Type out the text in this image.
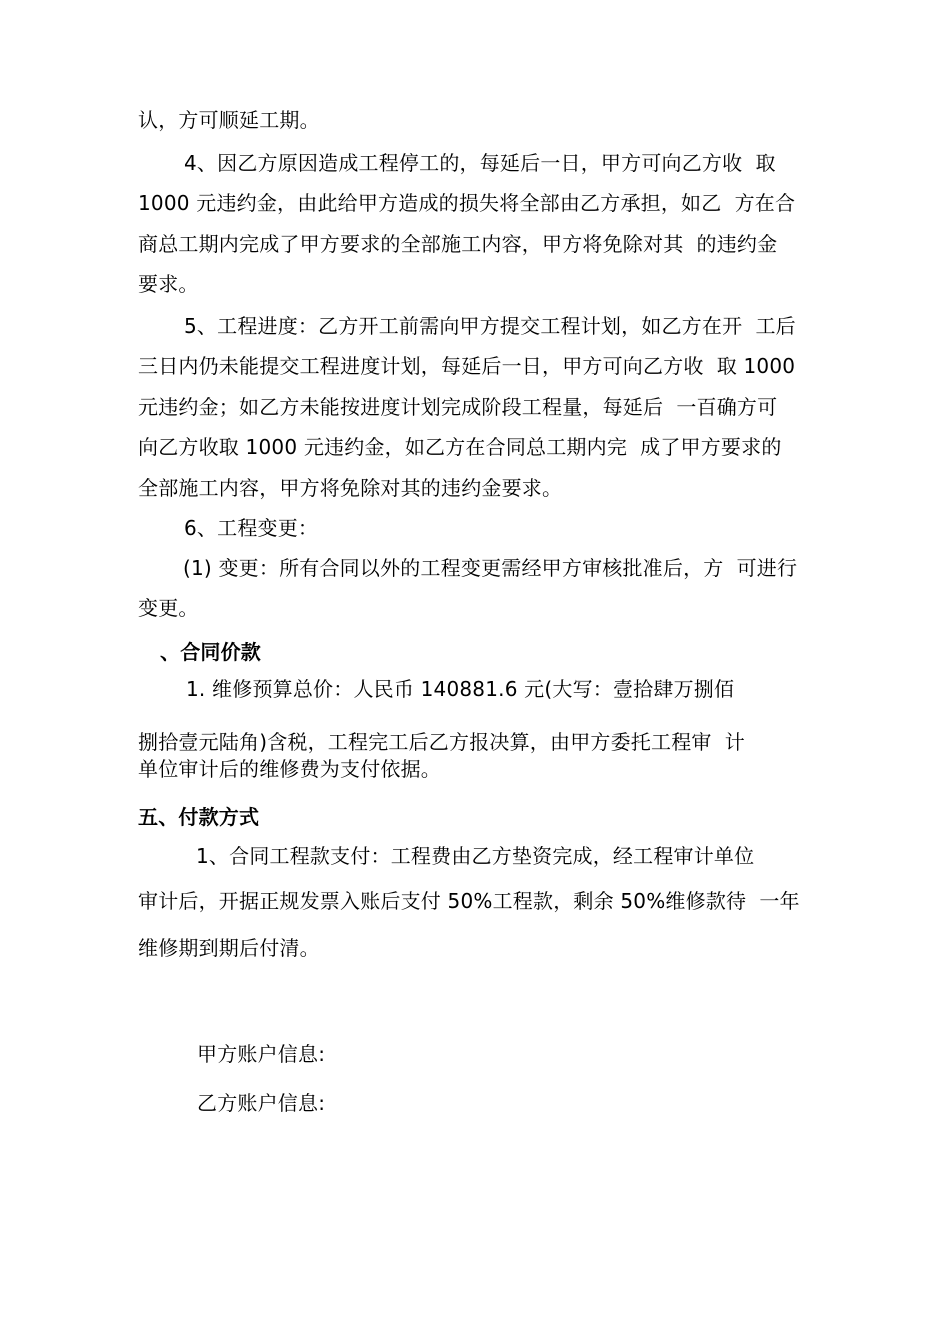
认，方可顺延工期。
4、因乙方原因造成工程停工的，每延后一日，甲方可向乙方收  取
1000 元违约金，由此给甲方造成的损失将全部由乙方承担，如乙  方在合
商总工期内完成了甲方要求的全部施工内容，甲方将免除对其  的违约金
要求。
5、工程进度：乙方开工前需向甲方提交工程计划，如乙方在开  工后
三日内仍未能提交工程进度计划，每延后一日，甲方可向乙方收  取 1000
元违约金；如乙方未能按进度计划完成阶段工程量，每延后  一百确方可
向乙方收取 1000 元违约金，如乙方在合同总工期内完  成了甲方要求的
全部施工内容，甲方将免除对其的违约金要求。
6、工程变更：
(1) 变更：所有合同以外的工程变更需经甲方审核批准后，方  可进行
变更。
、合同价款
1. 维修预算总价：人民币 140881.6 元(大写：壹拾肆万捌佰
捌拾壹元陆角)含税，工程完工后乙方报决算，由甲方委托工程审  计
单位审计后的维修费为支付依据。
五、付款方式
1、合同工程款支付：工程费由乙方垫资完成，经工程审计单位
审计后，开据正规发票入账后支付 50%工程款，剩余 50%维修款待  一年
维修期到期后付清。
甲方账户信息:
乙方账户信息:
